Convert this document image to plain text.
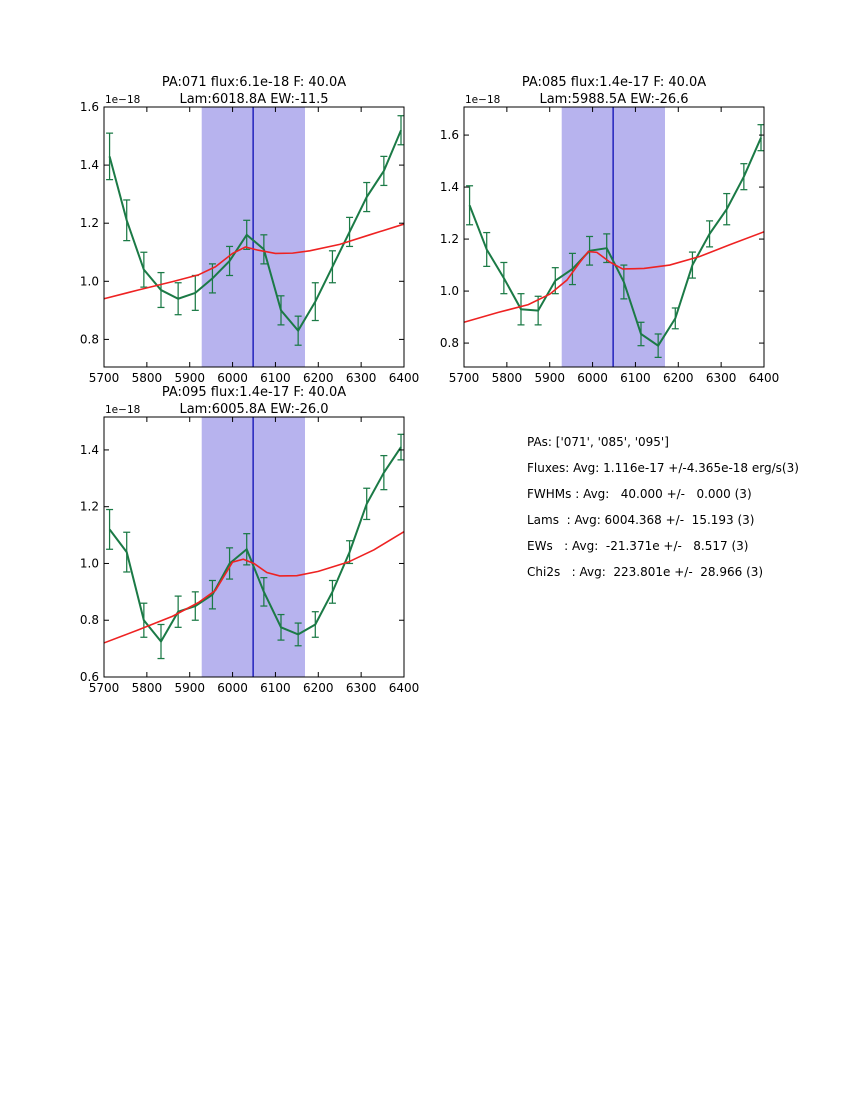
5700 5800 5900 6000 6100 6200 6300 6400
0.8
1.0
1.2
1.4
1.6
PA:071 flux:6.1e-18 F: 40.0A
Lam:6018.8A EW:-11.5
1e−18
5700 5800 5900 6000 6100 6200 6300 6400
0.8
1.0
1.2
1.4
1.6
PA:085 flux:1.4e-17 F: 40.0A
Lam:5988.5A EW:-26.6
1e−18
5700 5800 5900 6000 6100 6200 6300 6400
0.6
0.8
1.0
1.2
1.4
PA:095 flux:1.4e-17 F: 40.0A
Lam:6005.8A EW:-26.0
1e−18
PAs: ['071', '085', '095']
Fluxes: Avg: 1.116e-17 +/-4.365e-18 erg/s(3)
FWHMs : Avg:   40.000 +/-   0.000 (3)
Lams  : Avg: 6004.368 +/-  15.193 (3)
EWs   : Avg:  -21.371e +/-   8.517 (3)
Chi2s   : Avg:  223.801e +/-  28.966 (3)
